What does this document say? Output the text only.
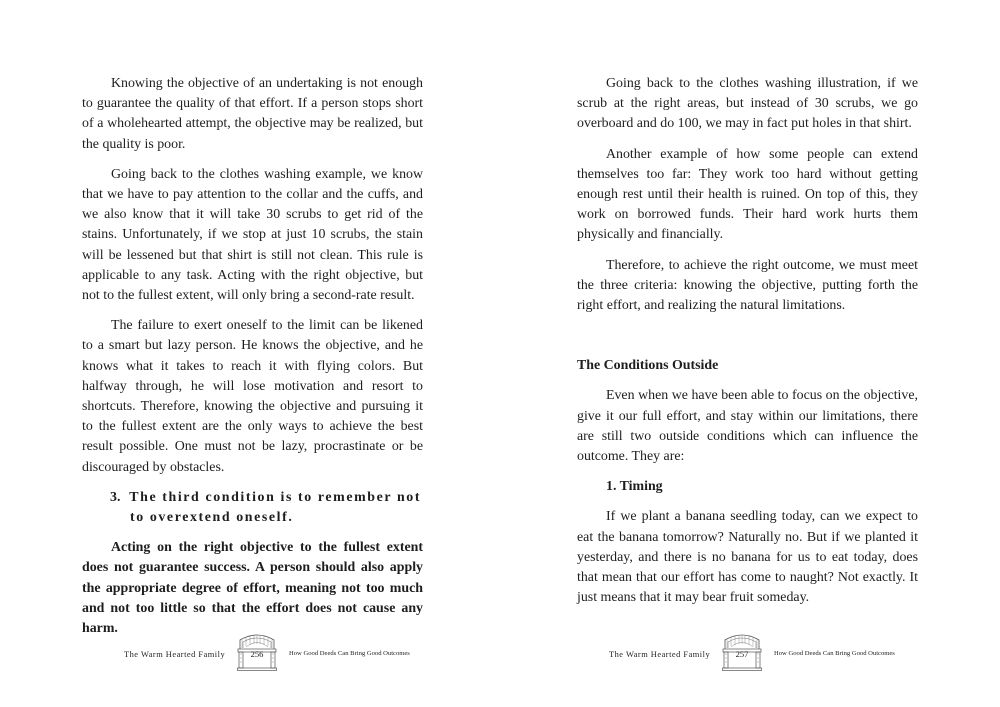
Knowing the objective of an undertaking is not enough to guarantee the quality of that effort. If a person stops short of a wholehearted attempt, the objective may be realized, but the quality is poor.

Going back to the clothes washing example, we know that we have to pay attention to the collar and the cuffs, and we also know that it will take 30 scrubs to get rid of the stains. Unfortunately, if we stop at just 10 scrubs, the stain will be lessened but that shirt is still not clean. This rule is applicable to any task. Acting with the right objective, but not to the fullest extent, will only bring a second-rate result.

The failure to exert oneself to the limit can be likened to a smart but lazy person. He knows the objective, and he knows what it takes to reach it with flying colors. But halfway through, he will lose motivation and resort to shortcuts. Therefore, knowing the objective and pursuing it to the fullest extent are the only ways to achieve the best result possible. One must not be lazy, procrastinate or be discouraged by obstacles.

3. The third condition is to remember not to overextend oneself.

Acting on the right objective to the fullest extent does not guarantee success. A person should also apply the appropriate degree of effort, meaning not too much and not too little so that the effort does not cause any harm.

The Warm Hearted Family	256	How Good Deeds Can Bring Good Outcomes

Going back to the clothes washing illustration, if we scrub at the right areas, but instead of 30 scrubs, we go overboard and do 100, we may in fact put holes in that shirt.

Another example of how some people can extend themselves too far: They work too hard without getting enough rest until their health is ruined. On top of this, they work on borrowed funds. Their hard work hurts them physically and financially.

Therefore, to achieve the right outcome, we must meet the three criteria: knowing the objective, putting forth the right effort, and realizing the natural limitations.

The Conditions Outside

Even when we have been able to focus on the objective, give it our full effort, and stay within our limitations, there are still two outside conditions which can influence the outcome. They are:

1. Timing

If we plant a banana seedling today, can we expect to eat the banana tomorrow? Naturally no. But if we planted it yesterday, and there is no banana for us to eat today, does that mean that our effort has come to naught? Not exactly. It just means that it may bear fruit someday.

The Warm Hearted Family	257	How Good Deeds Can Bring Good Outcomes
